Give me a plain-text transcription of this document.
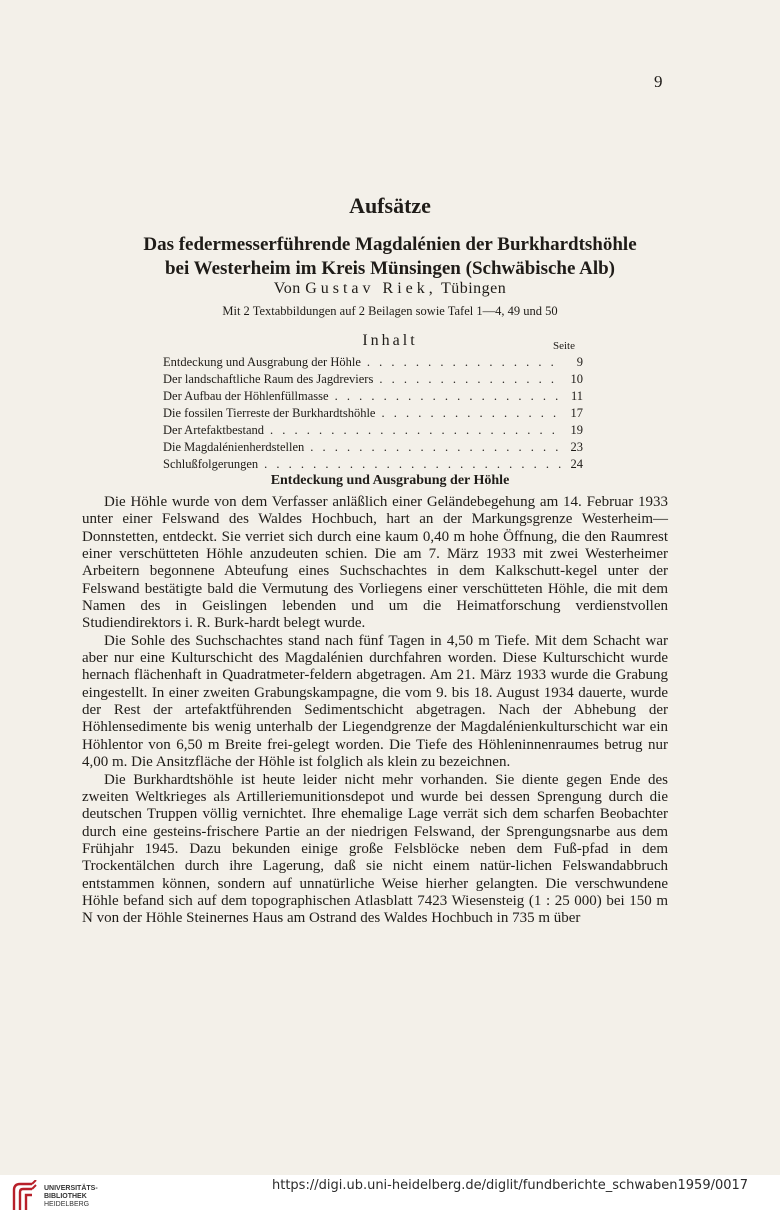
9
Aufsätze
Das federmesserführende Magdalénien der Burkhardtshöhle
bei Westerheim im Kreis Münsingen (Schwäbische Alb)
Von Gustav Riek, Tübingen
Mit 2 Textabbildungen auf 2 Beilagen sowie Tafel 1—4, 49 und 50
Inhalt	Seite
Entdeckung und Ausgrabung der Höhle . . .	9
Der landschaftliche Raum des Jagdreviers . . .	10
Der Aufbau der Höhlenfüllmasse . . .	11
Die fossilen Tierreste der Burkhardtshöhle . . .	17
Der Artefaktbestand . . .	19
Die Magdalénienherdstellen . . .	23
Schlußfolgerungen . . .	24
Entdeckung und Ausgrabung der Höhle

Die Höhle wurde von dem Verfasser anläßlich einer Geländebegehung am 14. Februar 1933 unter einer Felswand des Waldes Hochbuch, hart an der Markungsgrenze Westerheim—Donnstetten, entdeckt. Sie verriet sich durch eine kaum 0,40 m hohe Öffnung, die den Raumrest einer verschütteten Höhle anzudeuten schien. Die am 7. März 1933 mit zwei Westerheimer Arbeitern begonnene Abteufung eines Suchschachtes in dem Kalkschutt-kegel unter der Felswand bestätigte bald die Vermutung des Vorliegens einer verschütteten Höhle, die mit dem Namen des in Geislingen lebenden und um die Heimatforschung verdienstvollen Studiendirektors i. R. Burk-hardt belegt wurde.

Die Sohle des Suchschachtes stand nach fünf Tagen in 4,50 m Tiefe. Mit dem Schacht war aber nur eine Kulturschicht des Magdalénien durchfahren worden. Diese Kulturschicht wurde hernach flächenhaft in Quadratmeter-feldern abgetragen. Am 21. März 1933 wurde die Grabung eingestellt. In einer zweiten Grabungskampagne, die vom 9. bis 18. August 1934 dauerte, wurde der Rest der artefaktführenden Sedimentschicht abgetragen. Nach der Abhebung der Höhlensedimente bis wenig unterhalb der Liegendgrenze der Magdalénienkulturschicht war ein Höhlentor von 6,50 m Breite frei-gelegt worden. Die Tiefe des Höhleninnenraumes betrug nur 4,00 m. Die Ansitzfläche der Höhle ist folglich als klein zu bezeichnen.

Die Burkhardtshöhle ist heute leider nicht mehr vorhanden. Sie diente gegen Ende des zweiten Weltkrieges als Artilleriemunitionsdepot und wurde bei dessen Sprengung durch die deutschen Truppen völlig vernichtet. Ihre ehemalige Lage verrät sich dem scharfen Beobachter durch eine gesteins-frischere Partie an der niedrigen Felswand, der Sprengungsnarbe aus dem Frühjahr 1945. Dazu bekunden einige große Felsblöcke neben dem Fuß-pfad in dem Trockentälchen durch ihre Lagerung, daß sie nicht einem natür-lichen Felswandabbruch entstammen können, sondern auf unnatürliche Weise hierher gelangten. Die verschwundene Höhle befand sich auf dem topographischen Atlasblatt 7423 Wiesensteig (1 : 25 000) bei 150 m N von der Höhle Steinernes Haus am Ostrand des Waldes Hochbuch in 735 m über

UNIVERSITÄTS-
BIBLIOTHEK
HEIDELBERG
https://digi.ub.uni-heidelberg.de/diglit/fundberichte_schwaben1959/0017
